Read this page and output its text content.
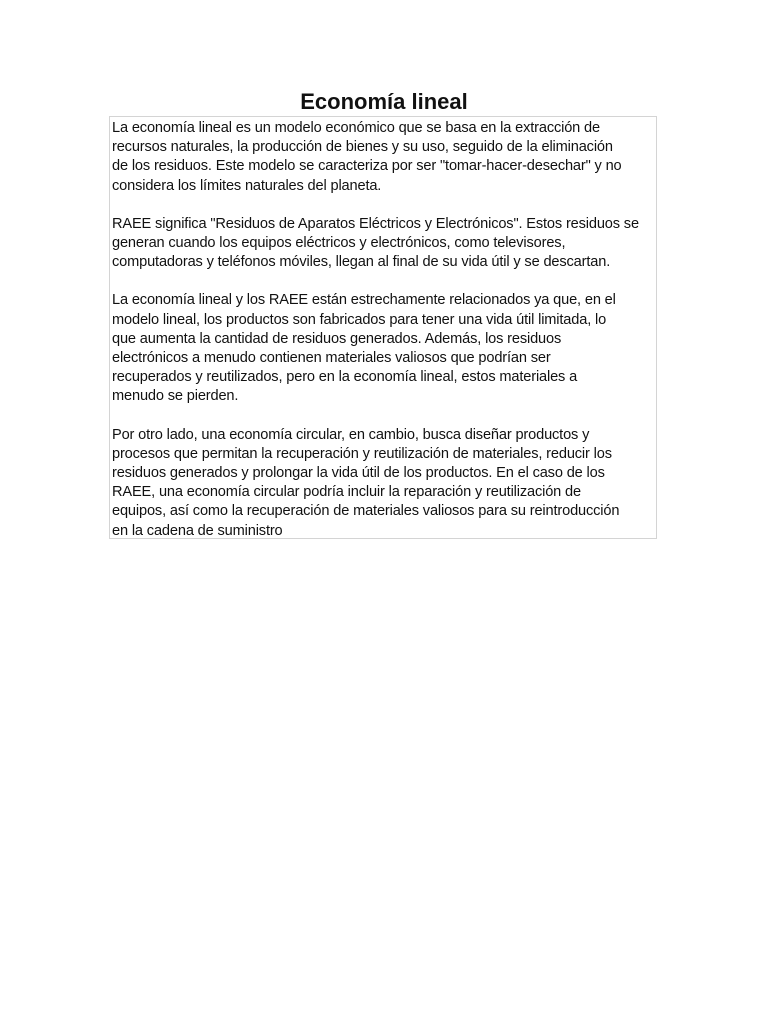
Economía lineal

La economía lineal es un modelo económico que se basa en la extracción de
recursos naturales, la producción de bienes y su uso, seguido de la eliminación
de los residuos. Este modelo se caracteriza por ser "tomar-hacer-desechar" y no
considera los límites naturales del planeta.

RAEE significa "Residuos de Aparatos Eléctricos y Electrónicos". Estos residuos se
generan cuando los equipos eléctricos y electrónicos, como televisores,
computadoras y teléfonos móviles, llegan al final de su vida útil y se descartan.

La economía lineal y los RAEE están estrechamente relacionados ya que, en el
modelo lineal, los productos son fabricados para tener una vida útil limitada, lo
que aumenta la cantidad de residuos generados. Además, los residuos
electrónicos a menudo contienen materiales valiosos que podrían ser
recuperados y reutilizados, pero en la economía lineal, estos materiales a
menudo se pierden.

Por otro lado, una economía circular, en cambio, busca diseñar productos y
procesos que permitan la recuperación y reutilización de materiales, reducir los
residuos generados y prolongar la vida útil de los productos. En el caso de los
RAEE, una economía circular podría incluir la reparación y reutilización de
equipos, así como la recuperación de materiales valiosos para su reintroducción
en la cadena de suministro
